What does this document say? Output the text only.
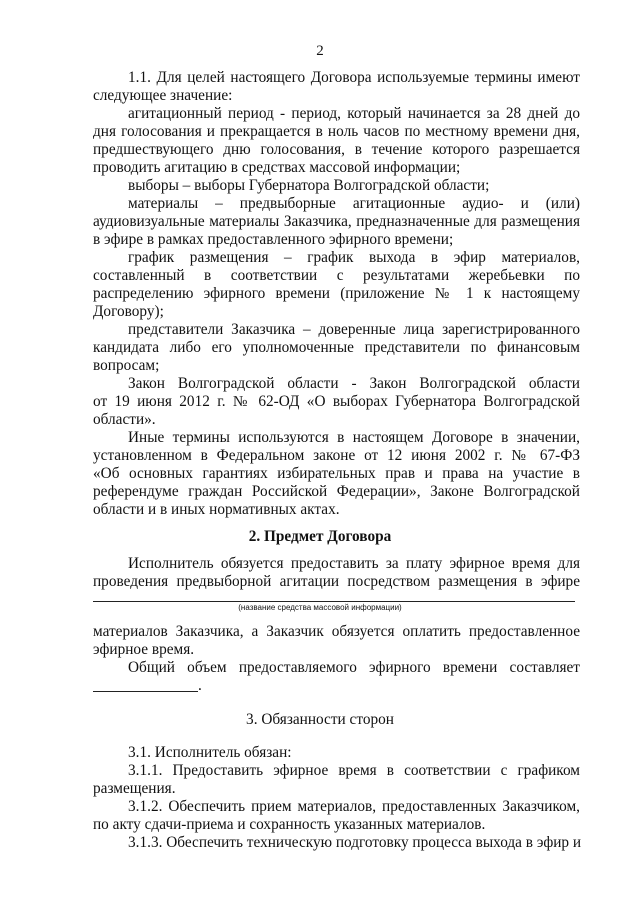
2
1.1. Для целей настоящего Договора используемые термины имеют
следующее значение:
агитационный период - период, который начинается за 28 дней до
дня голосования и прекращается в ноль часов по местному времени дня,
предшествующего дню голосования, в течение которого разрешается
проводить агитацию в средствах массовой информации;
выборы – выборы Губернатора Волгоградской области;
материалы – предвыборные агитационные аудио- и (или)
аудиовизуальные материалы Заказчика, предназначенные для размещения
в эфире в рамках предоставленного эфирного времени;
график размещения – график выхода в эфир материалов,
составленный в соответствии с результатами жеребьевки по
распределению эфирного времени (приложение № 1 к настоящему
Договору);
представители Заказчика – доверенные лица зарегистрированного
кандидата либо его уполномоченные представители по финансовым
вопросам;
Закон Волгоградской области - Закон Волгоградской области
от 19 июня 2012 г. № 62-ОД «О выборах Губернатора Волгоградской
области».
Иные термины используются в настоящем Договоре в значении,
установленном в Федеральном законе от 12 июня 2002 г. № 67-ФЗ
«Об основных гарантиях избирательных прав и права на участие в
референдуме граждан Российской Федерации», Законе Волгоградской
области и в иных нормативных актах.
2. Предмет Договора
Исполнитель обязуется предоставить за плату эфирное время для
проведения предвыборной агитации посредством размещения в эфире
(название средства массовой информации)
материалов Заказчика, а Заказчик обязуется оплатить предоставленное
эфирное время.
Общий объем предоставляемого эфирного времени составляет
.
3. Обязанности сторон
3.1. Исполнитель обязан:
3.1.1. Предоставить эфирное время в соответствии с графиком
размещения.
3.1.2. Обеспечить прием материалов, предоставленных Заказчиком,
по акту сдачи-приема и сохранность указанных материалов.
3.1.3. Обеспечить техническую подготовку процесса выхода в эфир и
